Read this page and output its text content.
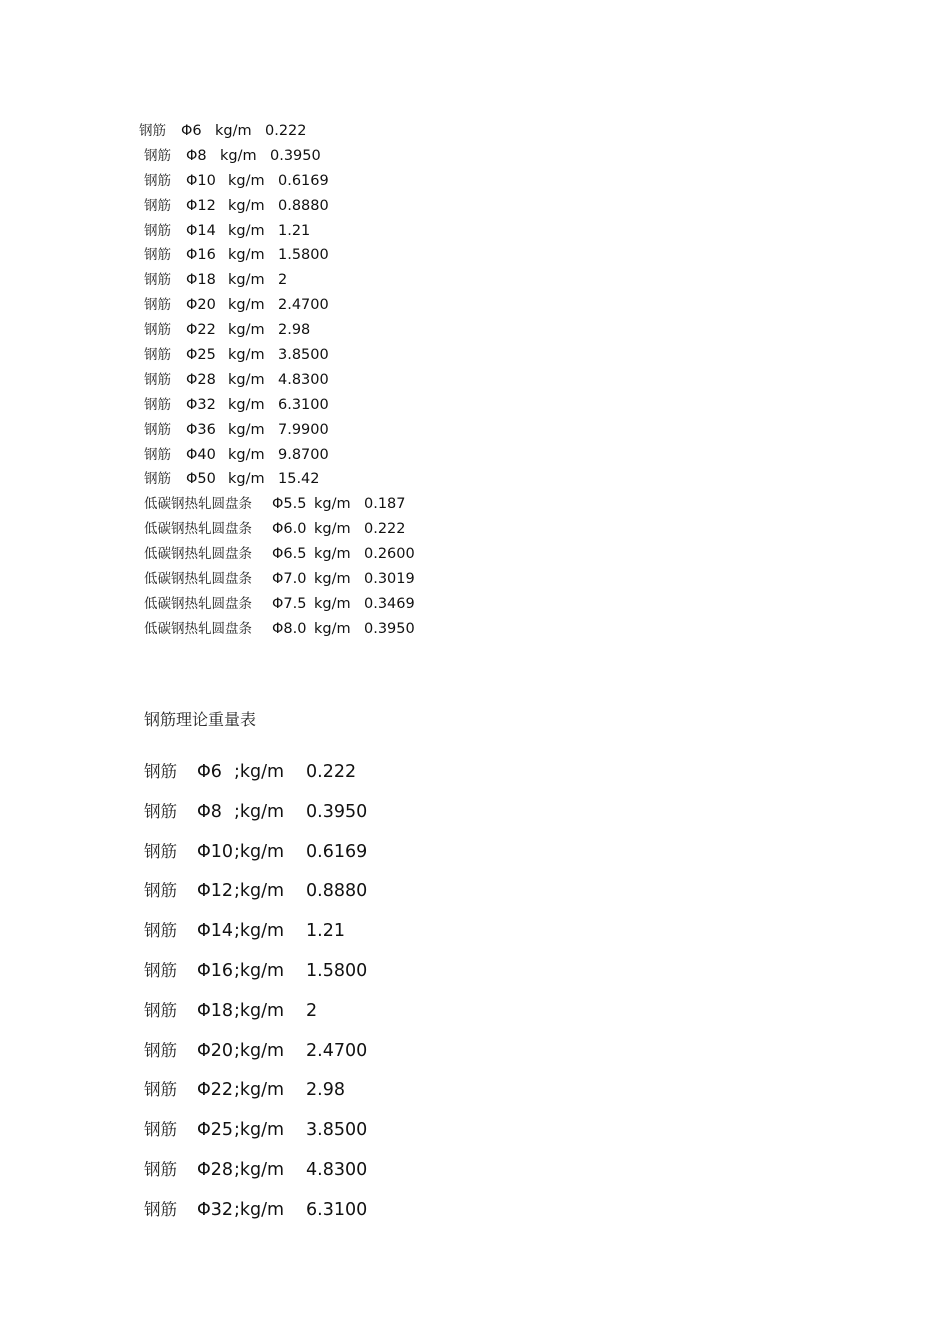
钢筋 Φ6 kg/m 0.222
钢筋 Φ8 kg/m 0.3950
钢筋 Φ10 kg/m 0.6169
钢筋 Φ12 kg/m 0.8880
钢筋 Φ14 kg/m 1.21
钢筋 Φ16 kg/m 1.5800
钢筋 Φ18 kg/m 2
钢筋 Φ20 kg/m 2.4700
钢筋 Φ22 kg/m 2.98
钢筋 Φ25 kg/m 3.8500
钢筋 Φ28 kg/m 4.8300
钢筋 Φ32 kg/m 6.3100
钢筋 Φ36 kg/m 7.9900
钢筋 Φ40 kg/m 9.8700
钢筋 Φ50 kg/m 15.42
低碳钢热轧圆盘条 Φ5.5 kg/m 0.187
低碳钢热轧圆盘条 Φ6.0 kg/m 0.222
低碳钢热轧圆盘条 Φ6.5 kg/m 0.2600
低碳钢热轧圆盘条 Φ7.0 kg/m 0.3019
低碳钢热轧圆盘条 Φ7.5 kg/m 0.3469
低碳钢热轧圆盘条 Φ8.0 kg/m 0.3950
钢筋理论重量表
钢筋 Φ6 ;kg/m 0.222
钢筋 Φ8 ;kg/m 0.3950
钢筋 Φ10;kg/m 0.6169
钢筋 Φ12;kg/m 0.8880
钢筋 Φ14;kg/m 1.21
钢筋 Φ16;kg/m 1.5800
钢筋 Φ18;kg/m 2
钢筋 Φ20;kg/m 2.4700
钢筋 Φ22;kg/m 2.98
钢筋 Φ25;kg/m 3.8500
钢筋 Φ28;kg/m 4.8300
钢筋 Φ32;kg/m 6.3100
